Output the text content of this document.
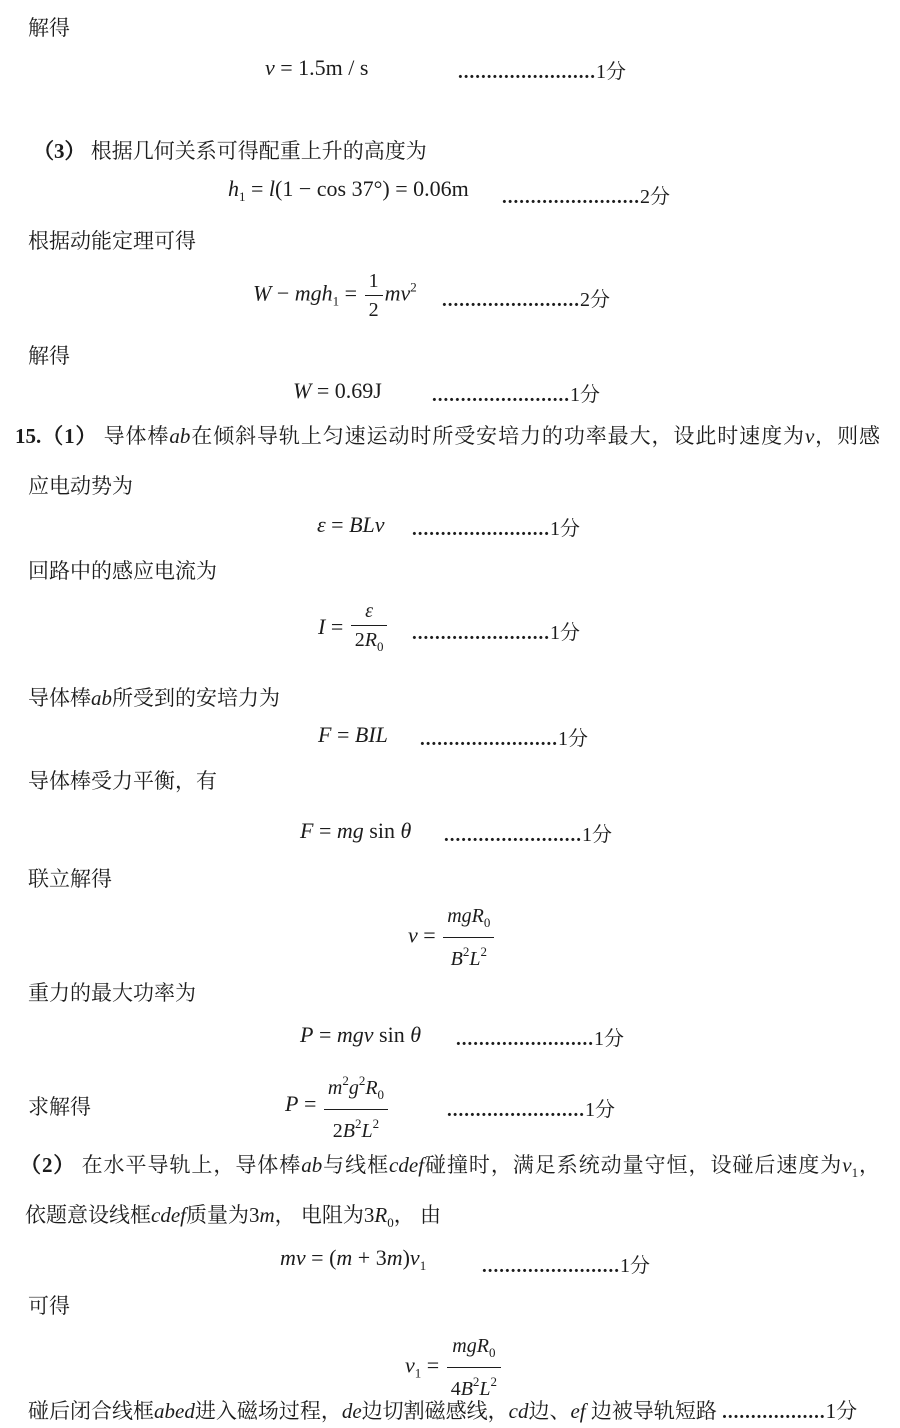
解得
v = 1.5m / s	........................1分
（3） 根据几何关系可得配重上升的高度为
$h_1 = l(1 - \cos 37^\circ) = 0.06m$ ........................2分
根据动能定理可得
$W - mgh_1 = \frac{1}{2} mv^2$
........................2分
解得
W = 0.69J	........................1分
15.（1） 导体棒ab在倾斜导轨上匀速运动时所受安培力的功率最大，设此时速度为v，则感
应电动势为
ε = BLv ........................1分
回路中的感应电流为
$I = \frac{\varepsilon}{2R_0} ........................1$分
导体棒ab所受到的安培力为
F = BIL ........................1分
导体棒受力平衡，有
F = mg sin θ ........................1分
联立解得
$v = \frac{mgR_0}{B^2L^2}$
重力的最大功率为
P = mgv sin θ ........................1分
$P = \frac{m^2g^2R_0}{2B^2L^2}$
求解得	........................1分
（2） 在水平导轨上，导体棒ab与线框cdef碰撞时，满足系统动量守恒，设碰后速度为$v_1$，
依题意设线框cdef质量为3m， 电阻为$3R_0$， 由
mv = $(m + 3m)v_1$	........................1分
可得
$v_1 = \frac{mgR_0}{4B^2L^2}$
碰后闭合线框abed进入磁场过程，de边切割磁感线，cd边、ef 边被导轨短路 ..................1分
